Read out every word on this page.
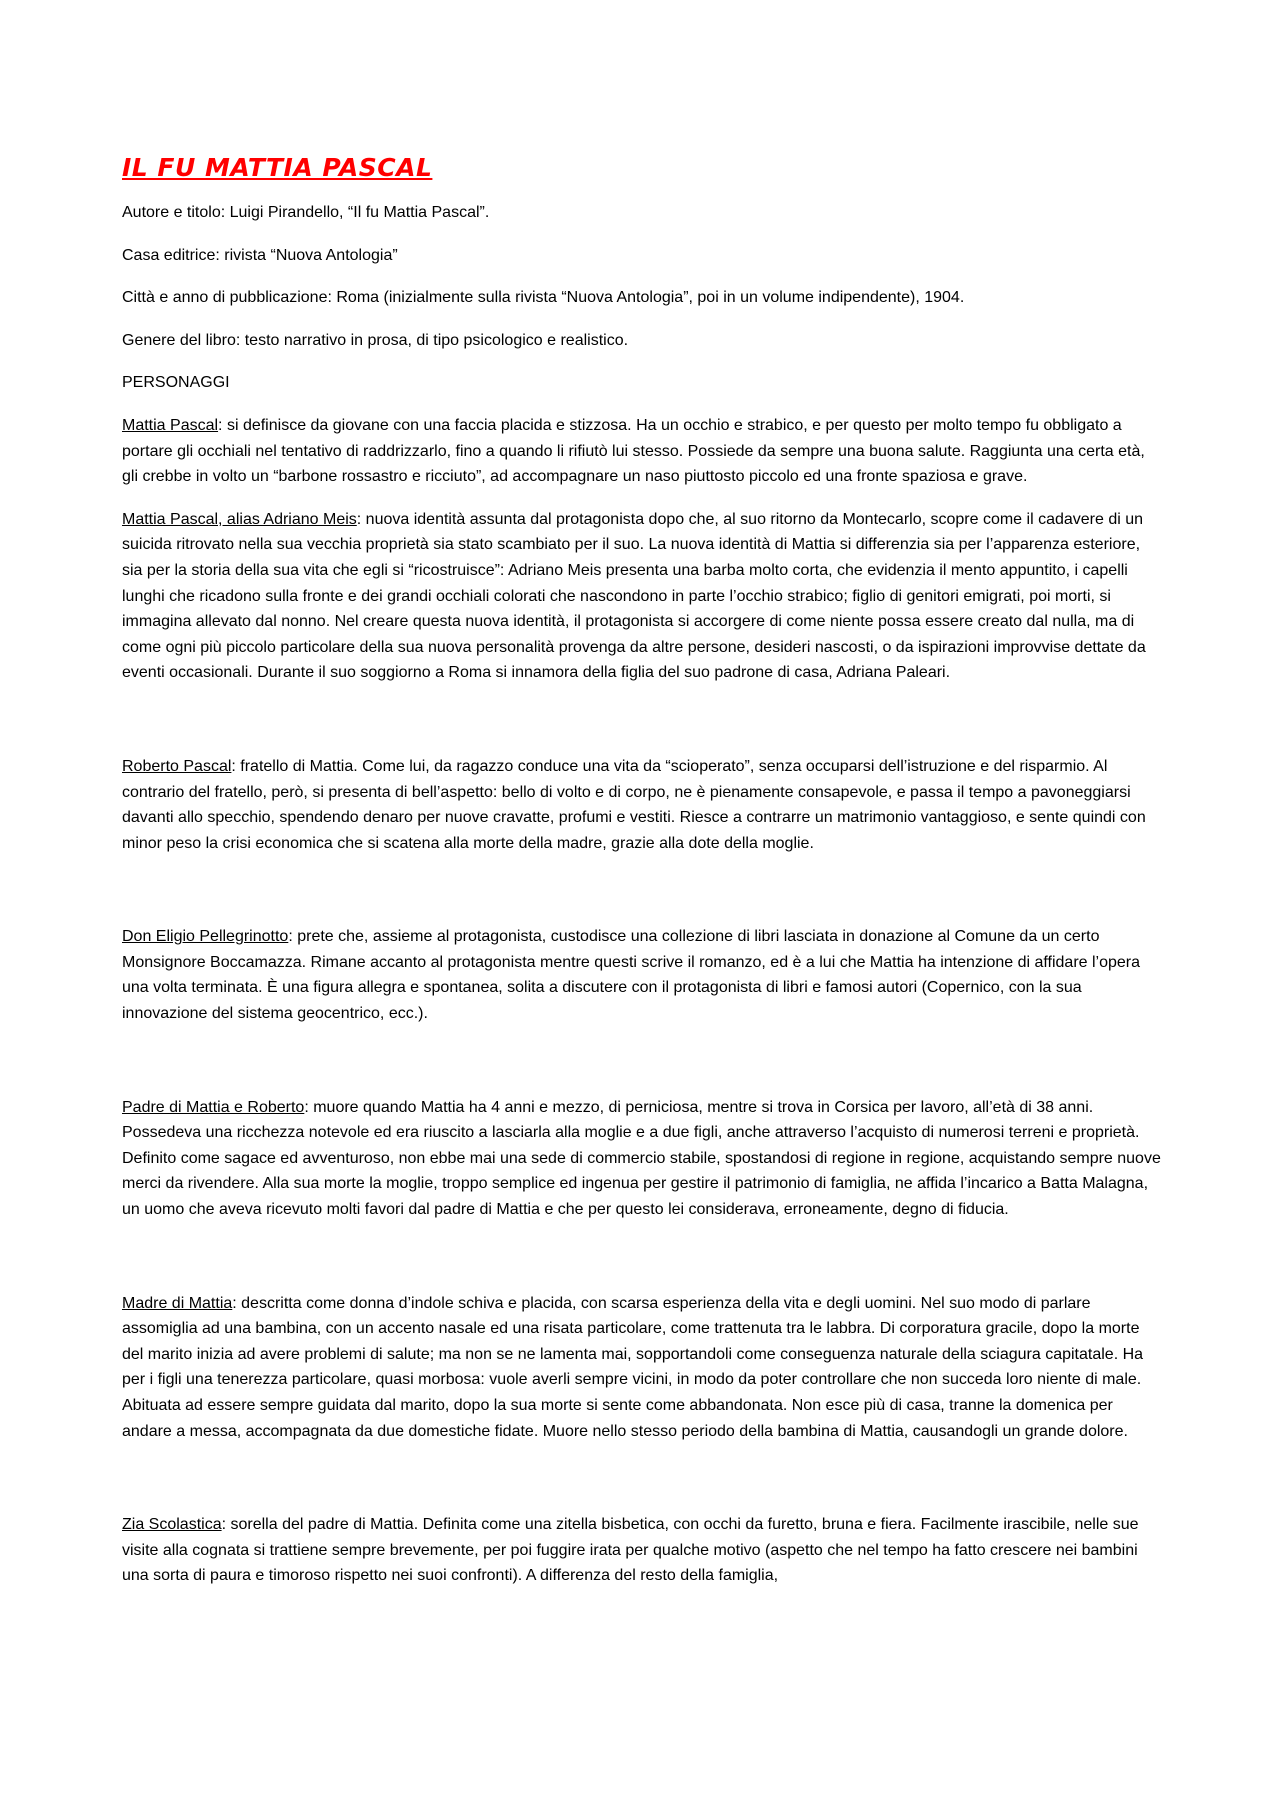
IL FU MATTIA PASCAL

Autore e titolo: Luigi Pirandello, “Il fu Mattia Pascal”.

Casa editrice: rivista “Nuova Antologia”

Città e anno di pubblicazione: Roma (inizialmente sulla rivista “Nuova Antologia”, poi in un volume indipendente), 1904.

Genere del libro: testo narrativo in prosa, di tipo psicologico e realistico.

PERSONAGGI

Mattia Pascal: si definisce da giovane con una faccia placida e stizzosa. Ha un occhio e strabico, e per questo per molto tempo fu obbligato a portare gli occhiali nel tentativo di raddrizzarlo, fino a quando li rifiutò lui stesso. Possiede da sempre una buona salute. Raggiunta una certa età, gli crebbe in volto un “barbone rossastro e ricciuto”, ad accompagnare un naso piuttosto piccolo ed una fronte spaziosa e grave.

Mattia Pascal, alias Adriano Meis: nuova identità assunta dal protagonista dopo che, al suo ritorno da Montecarlo, scopre come il cadavere di un suicida ritrovato nella sua vecchia proprietà sia stato scambiato per il suo. La nuova identità di Mattia si differenzia sia per l’apparenza esteriore, sia per la storia della sua vita che egli si “ricostruisce”: Adriano Meis presenta una barba molto corta, che evidenzia il mento appuntito, i capelli lunghi che ricadono sulla fronte e dei grandi occhiali colorati che nascondono in parte l’occhio strabico; figlio di genitori emigrati, poi morti, si immagina allevato dal nonno. Nel creare questa nuova identità, il protagonista si accorgere di come niente possa essere creato dal nulla, ma di come ogni più piccolo particolare della sua nuova personalità provenga da altre persone, desideri nascosti, o da ispirazioni improvvise dettate da eventi occasionali. Durante il suo soggiorno a Roma si innamora della figlia del suo padrone di casa, Adriana Paleari.

Roberto Pascal: fratello di Mattia. Come lui, da ragazzo conduce una vita da “scioperato”, senza occuparsi dell’istruzione e del risparmio. Al contrario del fratello, però, si presenta di bell’aspetto: bello di volto e di corpo, ne è pienamente consapevole, e passa il tempo a pavoneggiarsi davanti allo specchio, spendendo denaro per nuove cravatte, profumi e vestiti. Riesce a contrarre un matrimonio vantaggioso, e sente quindi con minor peso la crisi economica che si scatena alla morte della madre, grazie alla dote della moglie.

Don Eligio Pellegrinotto: prete che, assieme al protagonista, custodisce una collezione di libri lasciata in donazione al Comune da un certo Monsignore Boccamazza. Rimane accanto al protagonista mentre questi scrive il romanzo, ed è a lui che Mattia ha intenzione di affidare l’opera una volta terminata. È una figura allegra e spontanea, solita a discutere con il protagonista di libri e famosi autori (Copernico, con la sua innovazione del sistema geocentrico, ecc.).

Padre di Mattia e Roberto: muore quando Mattia ha 4 anni e mezzo, di perniciosa, mentre si trova in Corsica per lavoro, all’età di 38 anni. Possedeva una ricchezza notevole ed era riuscito a lasciarla alla moglie e a due figli, anche attraverso l’acquisto di numerosi terreni e proprietà. Definito come sagace ed avventuroso, non ebbe mai una sede di commercio stabile, spostandosi di regione in regione, acquistando sempre nuove merci da rivendere. Alla sua morte la moglie, troppo semplice ed ingenua per gestire il patrimonio di famiglia, ne affida l’incarico a Batta Malagna, un uomo che aveva ricevuto molti favori dal padre di Mattia e che per questo lei considerava, erroneamente, degno di fiducia.

Madre di Mattia: descritta come donna d’indole schiva e placida, con scarsa esperienza della vita e degli uomini. Nel suo modo di parlare assomiglia ad una bambina, con un accento nasale ed una risata particolare, come trattenuta tra le labbra. Di corporatura gracile, dopo la morte del marito inizia ad avere problemi di salute; ma non se ne lamenta mai, sopportandoli come conseguenza naturale della sciagura capitatale. Ha per i figli una tenerezza particolare, quasi morbosa: vuole averli sempre vicini, in modo da poter controllare che non succeda loro niente di male. Abituata ad essere sempre guidata dal marito, dopo la sua morte si sente come abbandonata. Non esce più di casa, tranne la domenica per andare a messa, accompagnata da due domestiche fidate. Muore nello stesso periodo della bambina di Mattia, causandogli un grande dolore.

Zia Scolastica: sorella del padre di Mattia. Definita come una zitella bisbetica, con occhi da furetto, bruna e fiera. Facilmente irascibile, nelle sue visite alla cognata si trattiene sempre brevemente, per poi fuggire irata per qualche motivo (aspetto che nel tempo ha fatto crescere nei bambini una sorta di paura e timoroso rispetto nei suoi confronti). A differenza del resto della famiglia,
